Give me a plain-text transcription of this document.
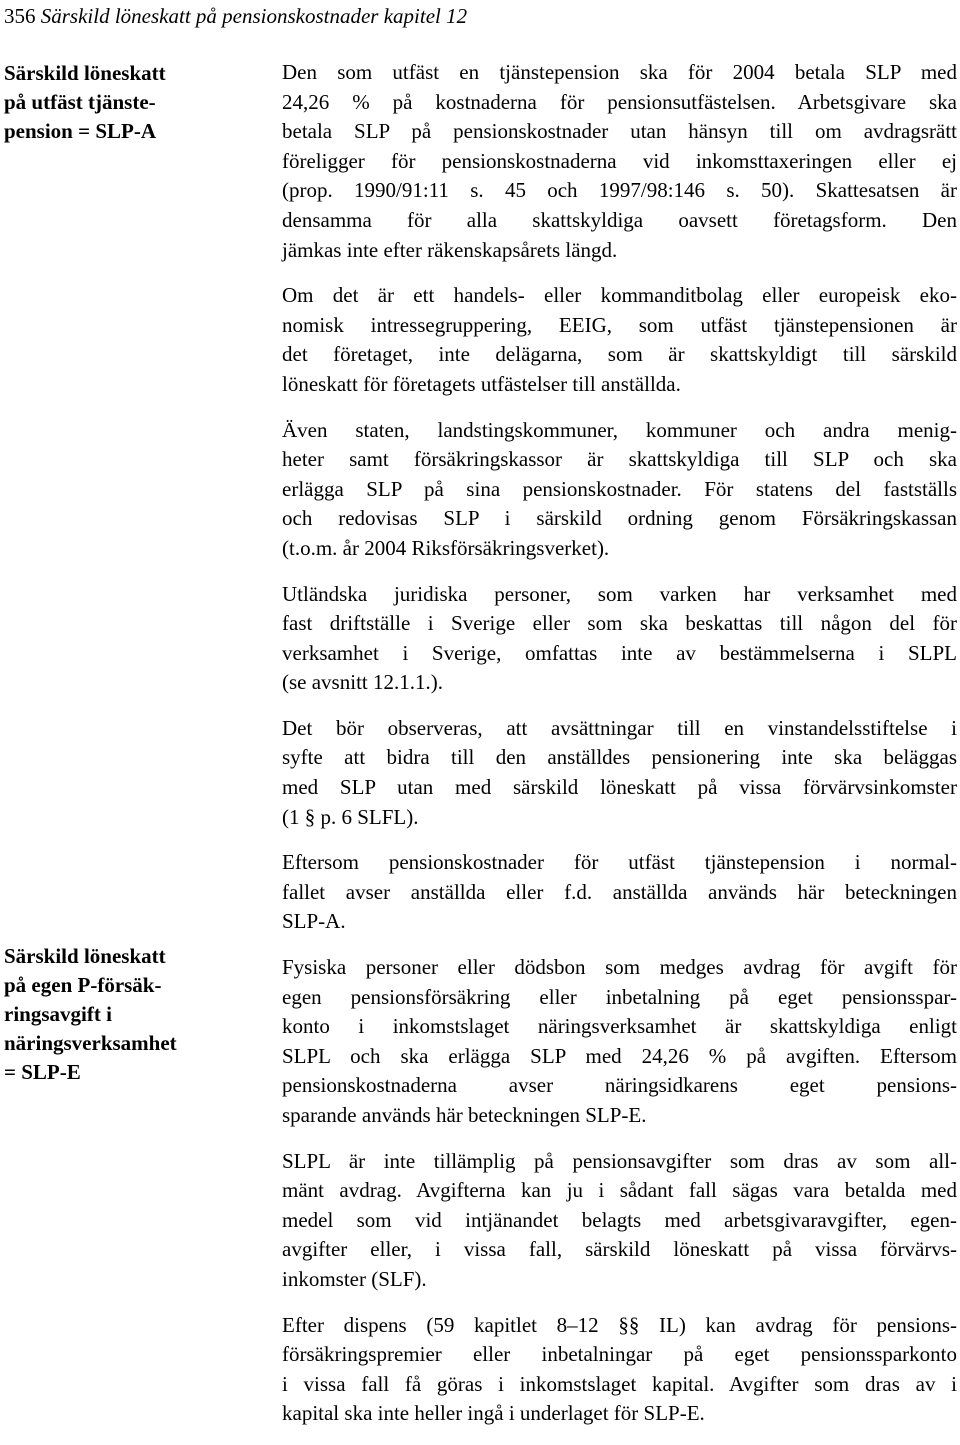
356 Särskild löneskatt på pensionskostnader kapitel 12
Särskild löneskatt
på utfäst tjänste-
pension = SLP-A
Särskild löneskatt
på egen P-försäk-
ringsavgift i
näringsverksamhet
= SLP-E
Den som utfäst en tjänstepension ska för 2004 betala SLP med
24,26 % på kostnaderna för pensionsutfästelsen. Arbetsgivare ska
betala SLP på pensionskostnader utan hänsyn till om avdragsrätt
föreligger för pensionskostnaderna vid inkomsttaxeringen eller ej
(prop. 1990/91:11 s. 45 och 1997/98:146 s. 50). Skattesatsen är
densamma för alla skattskyldiga oavsett företagsform. Den
jämkas inte efter räkenskapsårets längd.
Om det är ett handels- eller kommanditbolag eller europeisk eko-
nomisk intressegruppering, EEIG, som utfäst tjänstepensionen är
det företaget, inte delägarna, som är skattskyldigt till särskild
löneskatt för företagets utfästelser till anställda.
Även staten, landstingskommuner, kommuner och andra menig-
heter samt försäkringskassor är skattskyldiga till SLP och ska
erlägga SLP på sina pensionskostnader. För statens del fastställs
och redovisas SLP i särskild ordning genom Försäkringskassan
(t.o.m. år 2004 Riksförsäkringsverket).
Utländska juridiska personer, som varken har verksamhet med
fast driftställe i Sverige eller som ska beskattas till någon del för
verksamhet i Sverige, omfattas inte av bestämmelserna i SLPL
(se avsnitt 12.1.1.).
Det bör observeras, att avsättningar till en vinstandelsstiftelse i
syfte att bidra till den anställdes pensionering inte ska beläggas
med SLP utan med särskild löneskatt på vissa förvärvsinkomster
(1 § p. 6 SLFL).
Eftersom pensionskostnader för utfäst tjänstepension i normal-
fallet avser anställda eller f.d. anställda används här beteckningen
SLP-A.
Fysiska personer eller dödsbon som medges avdrag för avgift för
egen pensionsförsäkring eller inbetalning på eget pensionsspar-
konto i inkomstslaget näringsverksamhet är skattskyldiga enligt
SLPL och ska erlägga SLP med 24,26 % på avgiften. Eftersom
pensionskostnaderna avser näringsidkarens eget pensions-
sparande används här beteckningen SLP-E.
SLPL är inte tillämplig på pensionsavgifter som dras av som all-
mänt avdrag. Avgifterna kan ju i sådant fall sägas vara betalda med
medel som vid intjänandet belagts med arbetsgivaravgifter, egen-
avgifter eller, i vissa fall, särskild löneskatt på vissa förvärvs-
inkomster (SLF).
Efter dispens (59 kapitlet 8–12 §§ IL) kan avdrag för pensions-
försäkringspremier eller inbetalningar på eget pensionssparkonto
i vissa fall få göras i inkomstslaget kapital. Avgifter som dras av i
kapital ska inte heller ingå i underlaget för SLP-E.
